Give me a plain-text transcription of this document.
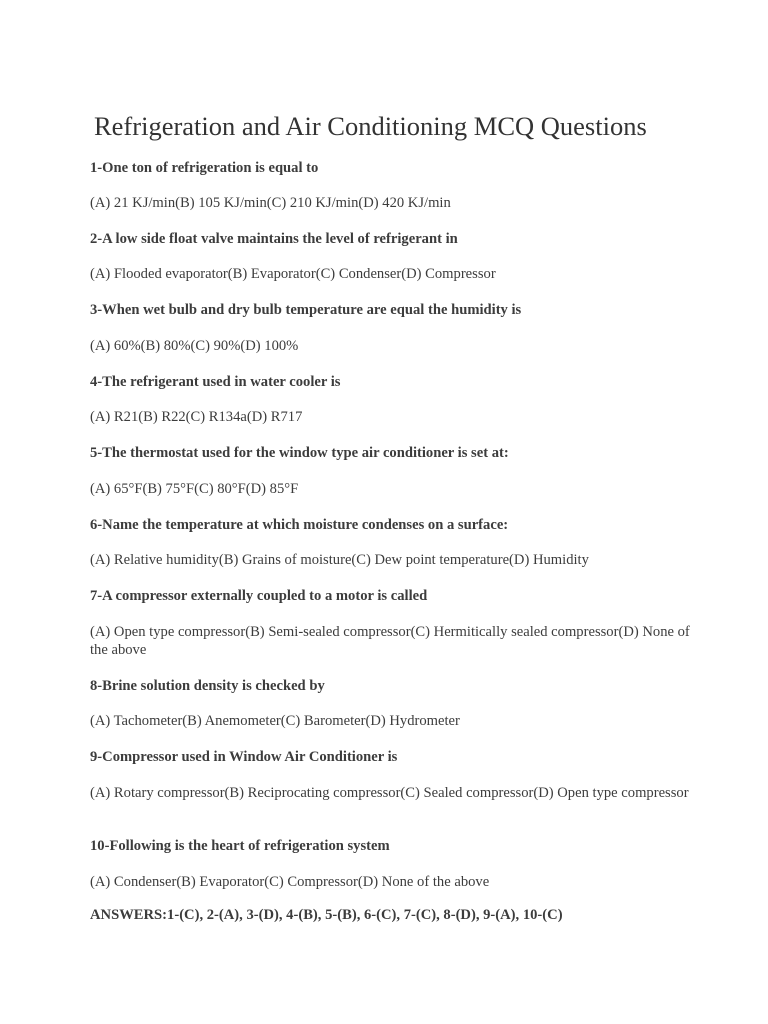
Refrigeration and Air Conditioning MCQ Questions

1-One ton of refrigeration is equal to

(A) 21 KJ/min(B) 105 KJ/min(C) 210 KJ/min(D) 420 KJ/min

2-A low side float valve maintains the level of refrigerant in

(A) Flooded evaporator(B) Evaporator(C) Condenser(D) Compressor

3-When wet bulb and dry bulb temperature are equal the humidity is

(A) 60%(B) 80%(C) 90%(D) 100%

4-The refrigerant used in water cooler is

(A) R21(B) R22(C) R134a(D) R717

5-The thermostat used for the window type air conditioner is set at:

(A) 65°F(B) 75°F(C) 80°F(D) 85°F

6-Name the temperature at which moisture condenses on a surface:

(A) Relative humidity(B) Grains of moisture(C) Dew point temperature(D) Humidity

7-A compressor externally coupled to a motor is called

(A) Open type compressor(B) Semi-sealed compressor(C) Hermitically sealed compressor(D) None of the above

8-Brine solution density is checked by

(A) Tachometer(B) Anemometer(C) Barometer(D) Hydrometer

9-Compressor used in Window Air Conditioner is

(A) Rotary compressor(B) Reciprocating compressor(C) Sealed compressor(D) Open type compressor

10-Following is the heart of refrigeration system

(A) Condenser(B) Evaporator(C) Compressor(D) None of the above

ANSWERS:1-(C), 2-(A), 3-(D), 4-(B), 5-(B), 6-(C), 7-(C), 8-(D), 9-(A), 10-(C)
